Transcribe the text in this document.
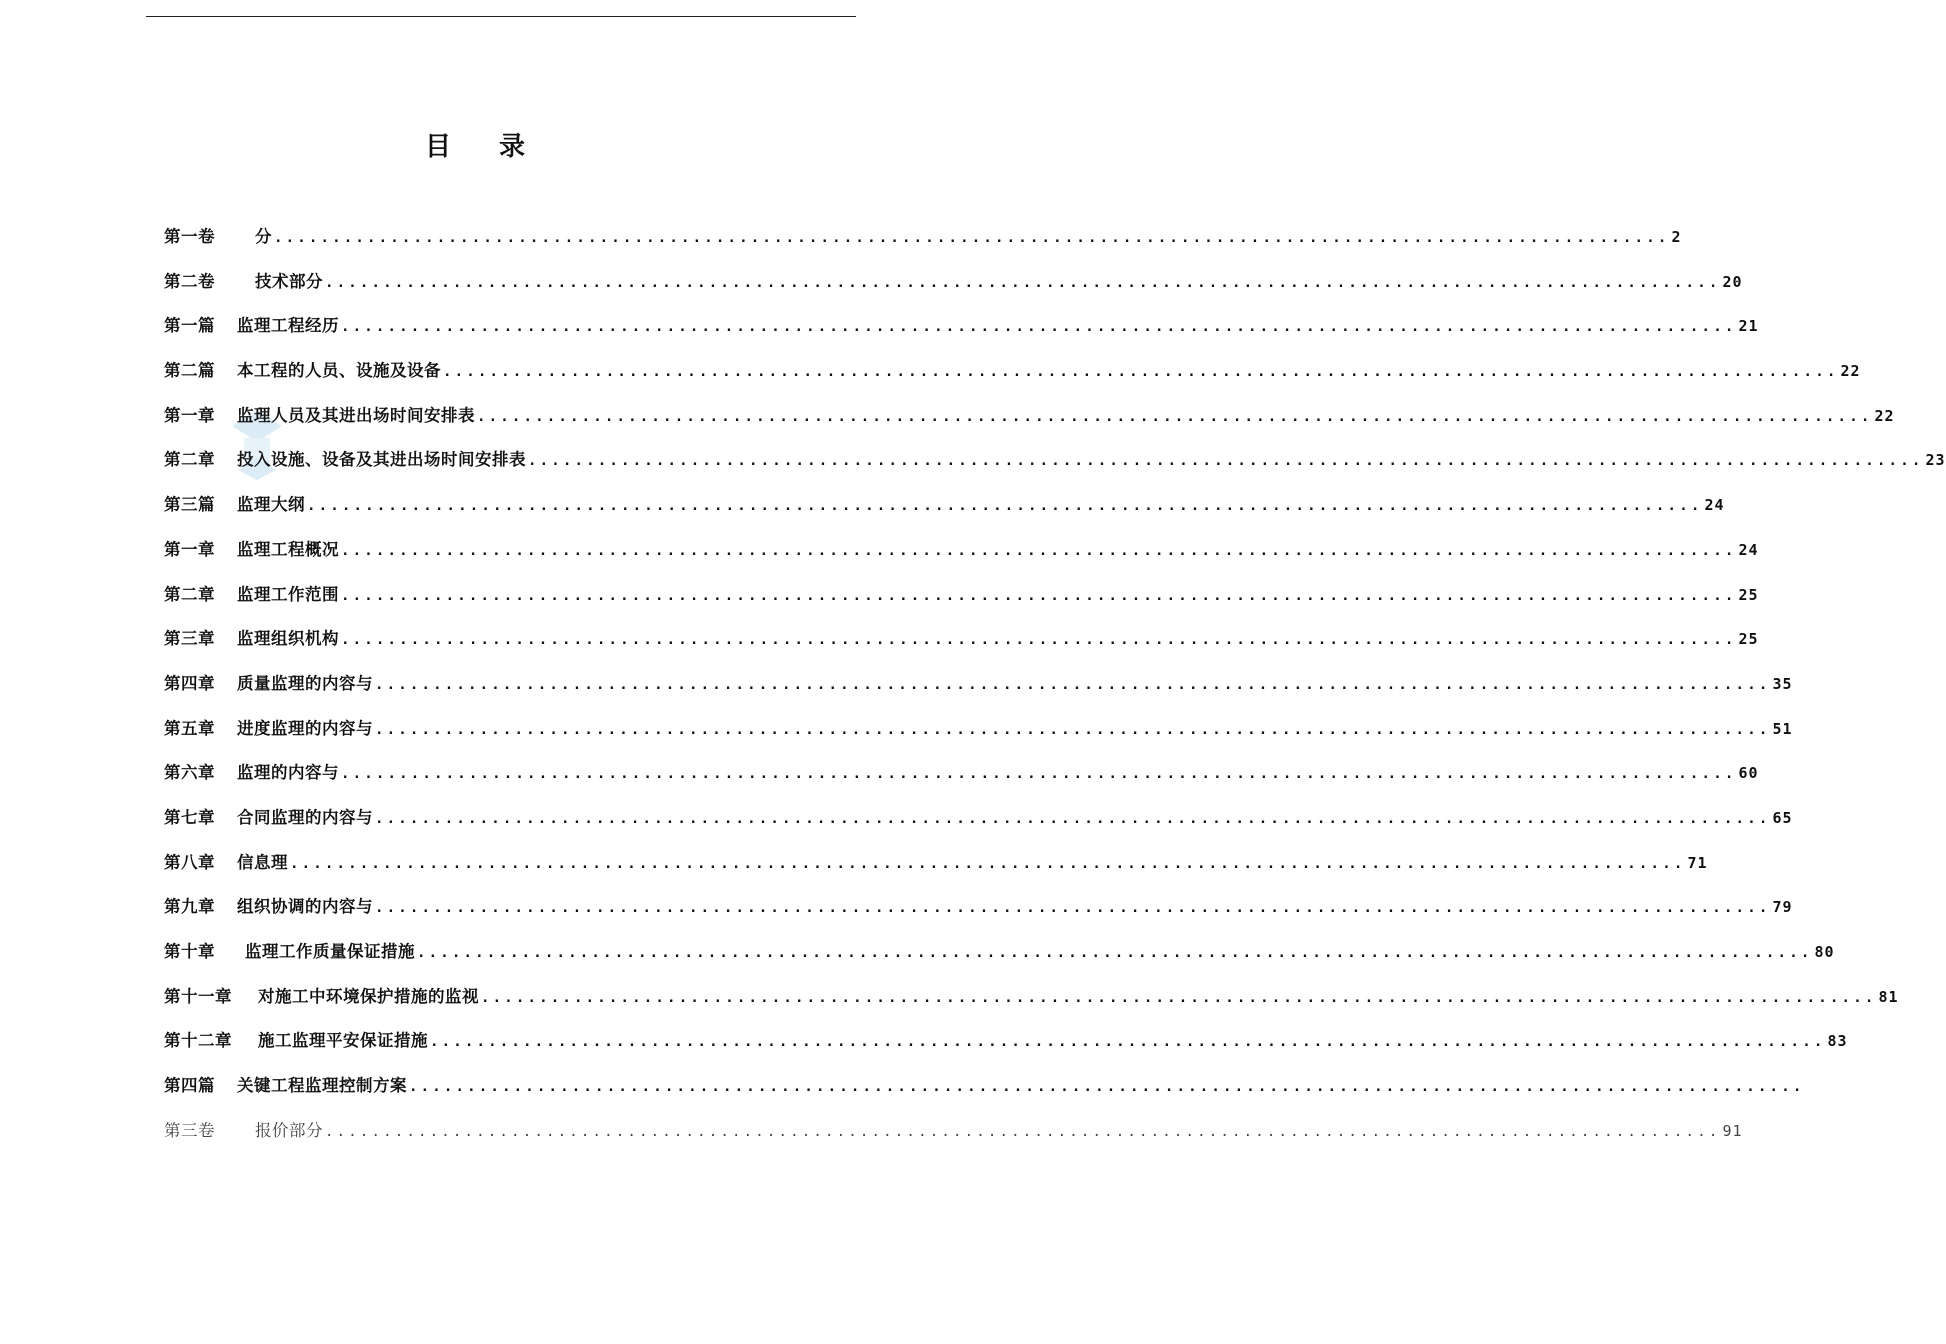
目 录
第一卷 分 ........................................................................................................................ 2
第二卷 技术部分 ........................................................................................................................ 20
第一篇 监理工程经历 ........................................................................................................................ 21
第二篇 本工程的人员、设施及设备 ........................................................................................................................ 22
第一章 监理人员及其进出场时间安排表 ........................................................................................................................ 22
第二章 投入设施、设备及其进出场时间安排表 ........................................................................................................................ 23
第三篇 监理大纲 ........................................................................................................................ 24
第一章 监理工程概况 ........................................................................................................................ 24
第二章 监理工作范围 ........................................................................................................................ 25
第三章 监理组织机构 ........................................................................................................................ 25
第四章 质量监理的内容与 ........................................................................................................................ 35
第五章 进度监理的内容与 ........................................................................................................................ 51
第六章 监理的内容与 ........................................................................................................................ 60
第七章 合同监理的内容与 ........................................................................................................................ 65
第八章 信息理 ........................................................................................................................ 71
第九章 组织协调的内容与 ........................................................................................................................ 79
第十章 监理工作质量保证措施 ........................................................................................................................ 80
第十一章 对施工中环境保护措施的监视 ........................................................................................................................ 81
第十二章 施工监理平安保证措施 ........................................................................................................................ 83
第四篇 关键工程监理控制方案 ........................................................................................................................
第三卷 报价部分 ........................................................................................................................ 91
